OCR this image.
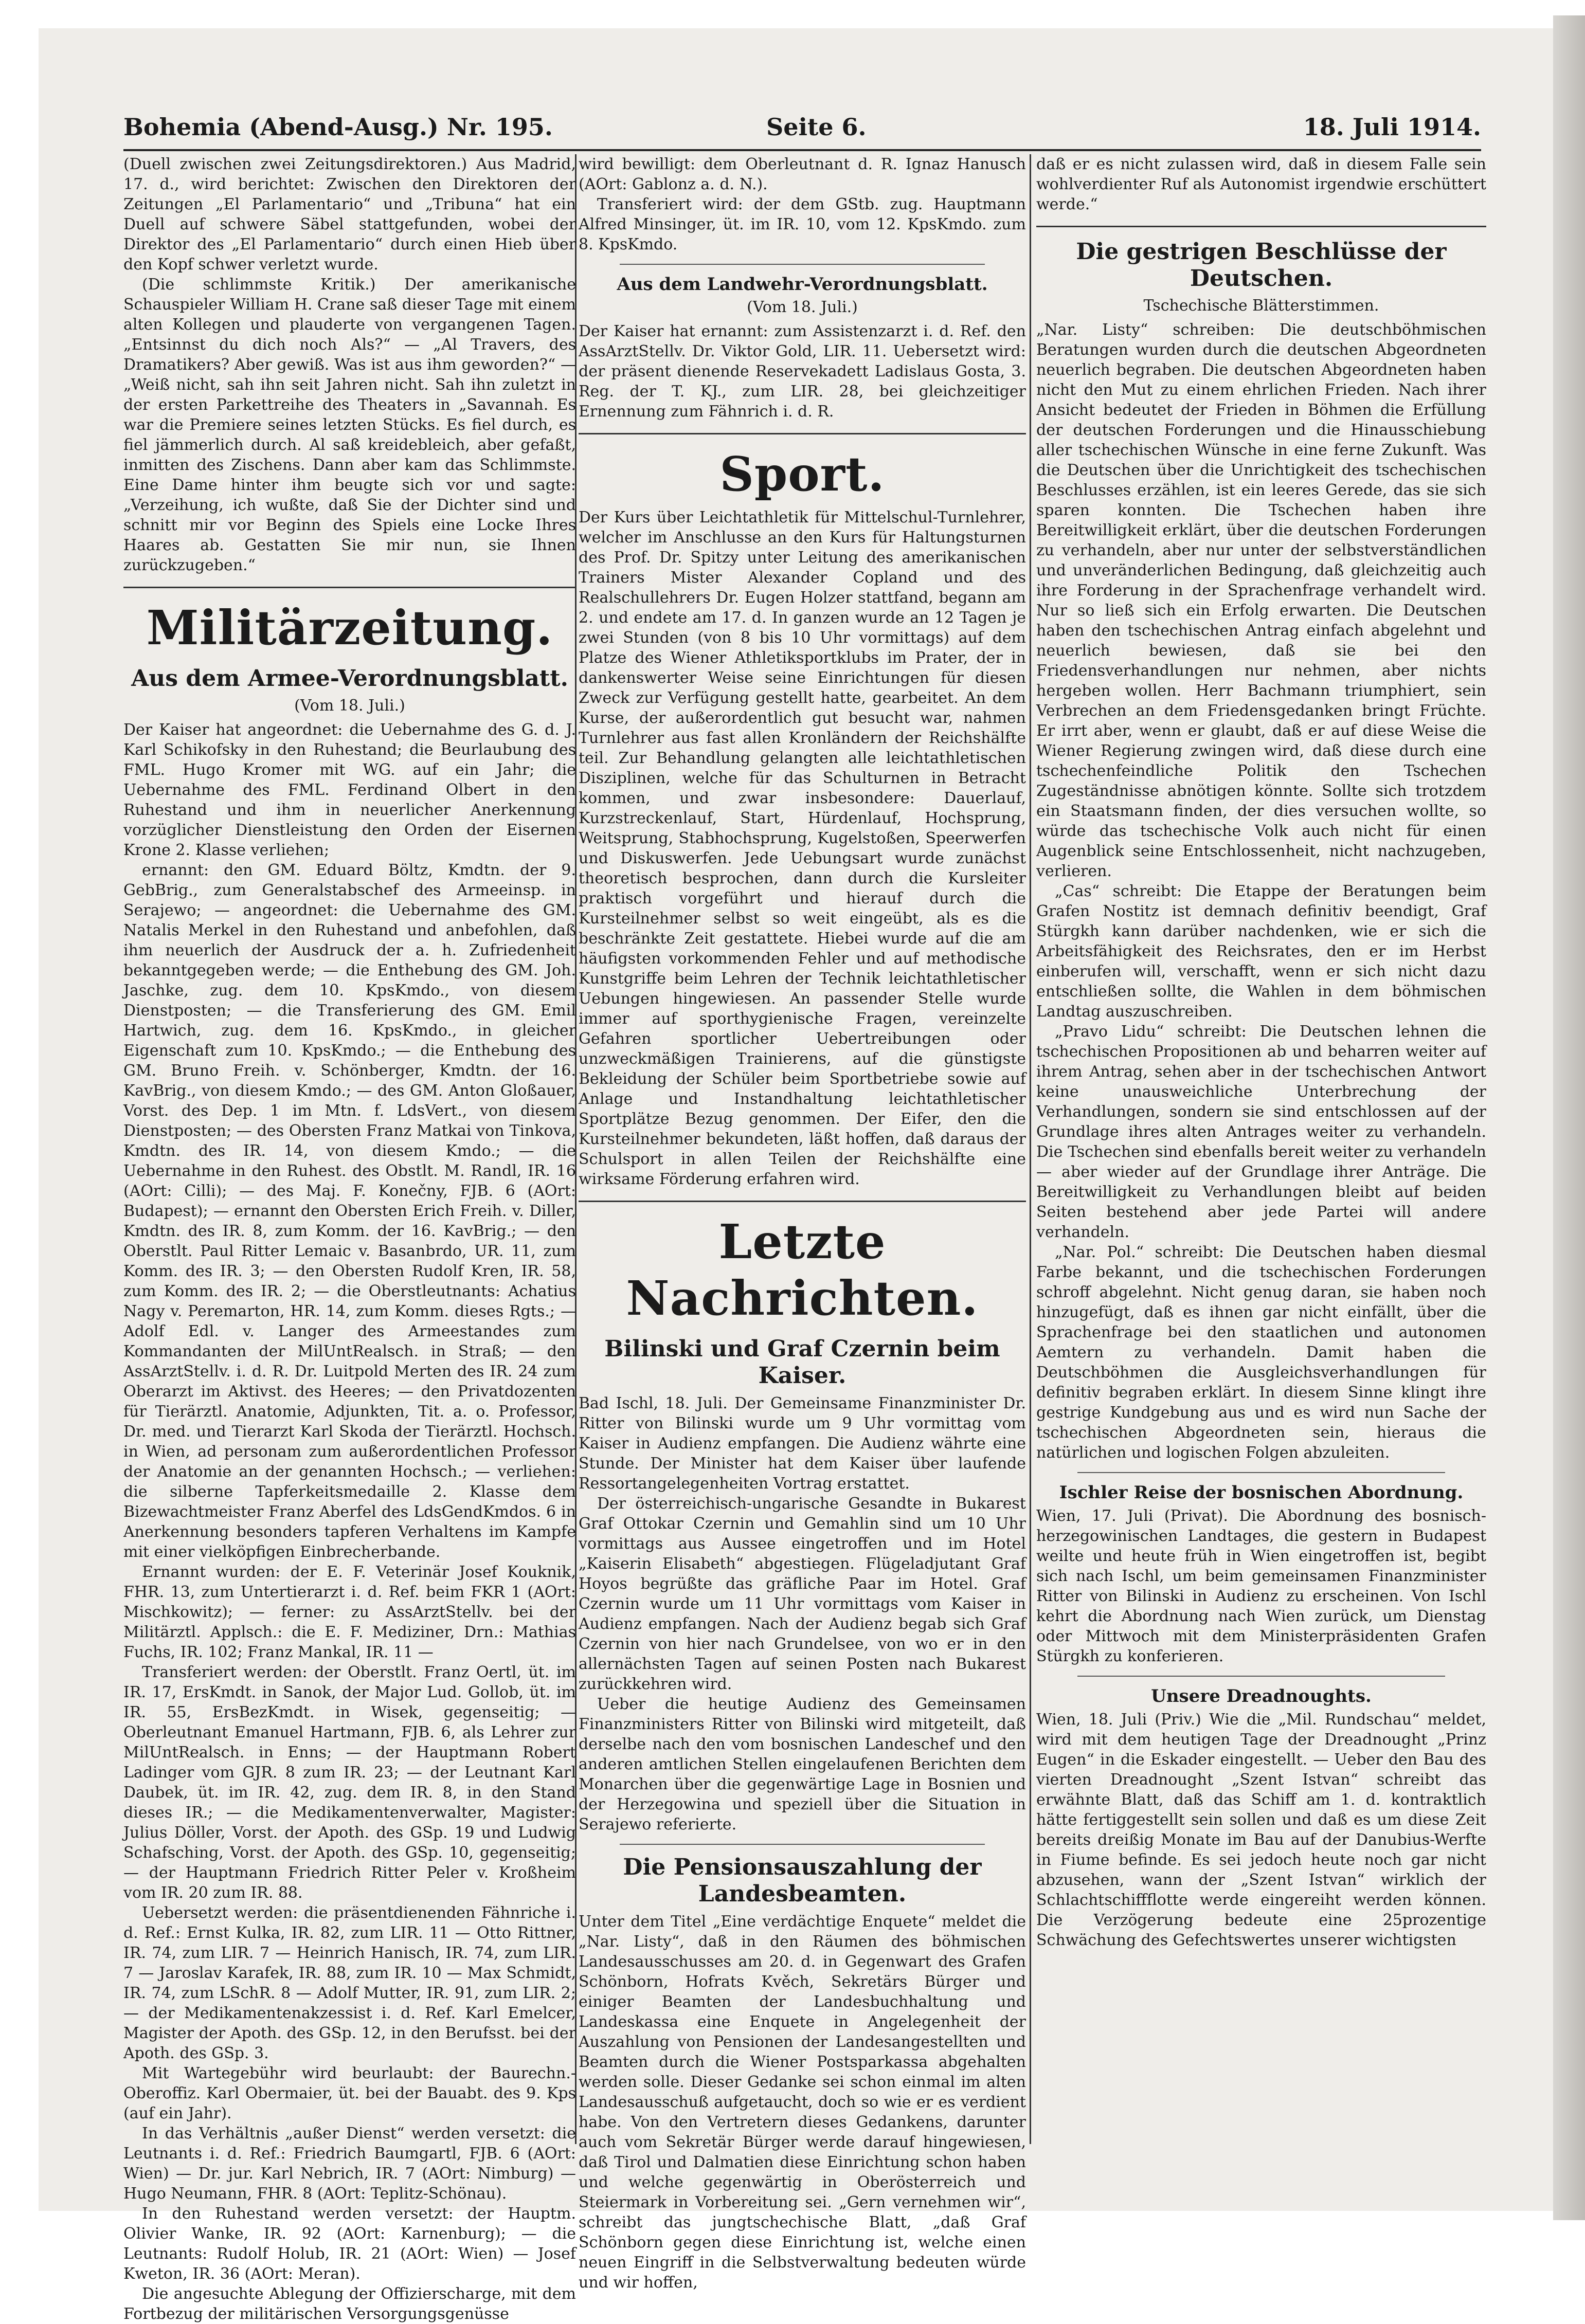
Bohemia (Abend-Ausg.) Nr. 195.	Seite 6.	18. Juli 1914.

(Duell zwischen zwei Zeitungsdirektoren.) Aus Madrid, 17. d., wird berichtet: Zwischen den Direktoren der Zeitungen „El Parlamentario“ und „Tribuna“ hat ein Duell auf schwere Säbel stattgefunden, wobei der Direktor des „El Parlamentario“ durch einen Hieb über den Kopf schwer verletzt wurde.

(Die schlimmste Kritik.) Der amerikanische Schauspieler William H. Crane saß dieser Tage mit einem alten Kollegen und plauderte von vergangenen Tagen. „Entsinnst du dich noch Als?“ — „Al Travers, des Dramatikers? Aber gewiß. Was ist aus ihm geworden?“ — „Weiß nicht, sah ihn seit Jahren nicht. Sah ihn zuletzt in der ersten Parkettreihe des Theaters in „Savannah. Es war die Premiere seines letzten Stücks. Es fiel durch, es fiel jämmerlich durch. Al saß kreidebleich, aber gefaßt, inmitten des Zischens. Dann aber kam das Schlimmste. Eine Dame hinter ihm beugte sich vor und sagte: „Verzeihung, ich wußte, daß Sie der Dichter sind und schnitt mir vor Beginn des Spiels eine Locke Ihres Haares ab. Gestatten Sie mir nun, sie Ihnen zurückzugeben.“

Militärzeitung.
Aus dem Armee-Verordnungsblatt.
(Vom 18. Juli.)

Der Kaiser hat angeordnet: die Uebernahme des G. d. J. Karl Schikofsky in den Ruhestand; die Beurlaubung des FML. Hugo Kromer mit WG. auf ein Jahr; die Uebernahme des FML. Ferdinand Olbert in den Ruhestand und ihm in neuerlicher Anerkennung vorzüglicher Dienstleistung den Orden der Eisernen Krone 2. Klasse verliehen;

ernannt: den GM. Eduard Böltz, Kmdtn. der 9. GebBrig., zum Generalstabschef des Armeeinsp. in Serajewo; — angeordnet: die Uebernahme des GM. Natalis Merkel in den Ruhestand und anbefohlen, daß ihm neuerlich der Ausdruck der a. h. Zufriedenheit bekanntgegeben werde; — die Enthebung des GM. Joh. Jaschke, zug. dem 10. KpsKmdo., von diesem Dienstposten; — die Transferierung des GM. Emil Hartwich, zug. dem 16. KpsKmdo., in gleicher Eigenschaft zum 10. KpsKmdo.; — die Enthebung des GM. Bruno Freih. v. Schönberger, Kmdtn. der 16. KavBrig., von diesem Kmdo.; — des GM. Anton Gloßauer, Vorst. des Dep. 1 im Mtn. f. LdsVert., von diesem Dienstposten; — des Obersten Franz Matkai von Tinkova, Kmdtn. des IR. 14, von diesem Kmdo.; — die Uebernahme in den Ruhest. des Obstlt. M. Randl, IR. 16 (AOrt: Cilli); — des Maj. F. Konečny, FJB. 6 (AOrt: Budapest); — ernannt den Obersten Erich Freih. v. Diller, Kmdtn. des IR. 8, zum Komm. der 16. KavBrig.; — den Oberstlt. Paul Ritter Lemaic v. Basanbrdo, UR. 11, zum Komm. des IR. 3; — den Obersten Rudolf Kren, IR. 58, zum Komm. des IR. 2; — die Oberstleutnants: Achatius Nagy v. Peremarton, HR. 14, zum Komm. dieses Rgts.; — Adolf Edl. v. Langer des Armeestandes zum Kommandanten der MilUntRealsch. in Straß; — den AssArztStellv. i. d. R. Dr. Luitpold Merten des IR. 24 zum Oberarzt im Aktivst. des Heeres; — den Privatdozenten für Tierärztl. Anatomie, Adjunkten, Tit. a. o. Professor, Dr. med. und Tierarzt Karl Skoda der Tierärztl. Hochsch. in Wien, ad personam zum außerordentlichen Professor der Anatomie an der genannten Hochsch.; — verliehen: die silberne Tapferkeitsmedaille 2. Klasse dem Bizewachtmeister Franz Aberfel des LdsGendKmdos. 6 in Anerkennung besonders tapferen Verhaltens im Kampfe mit einer vielköpfigen Einbrecherbande.

Ernannt wurden: der E. F. Veterinär Josef Kouknik, FHR. 13, zum Untertierarzt i. d. Ref. beim FKR 1 (AOrt: Mischkowitz); — ferner: zu AssArztStellv. bei der Militärztl. Applsch.: die E. F. Mediziner, Drn.: Mathias Fuchs, IR. 102; Franz Mankal, IR. 11 —

Transferiert werden: der Oberstlt. Franz Oertl, üt. im IR. 17, ErsKmdt. in Sanok, der Major Lud. Gollob, üt. im IR. 55, ErsBezKmdt. in Wisek, gegenseitig; — Oberleutnant Emanuel Hartmann, FJB. 6, als Lehrer zur MilUntRealsch. in Enns; — der Hauptmann Robert Ladinger vom GJR. 8 zum IR. 23; — der Leutnant Karl Daubek, üt. im IR. 42, zug. dem IR. 8, in den Stand dieses IR.; — die Medikamentenverwalter, Magister: Julius Döller, Vorst. der Apoth. des GSp. 19 und Ludwig Schafsching, Vorst. der Apoth. des GSp. 10, gegenseitig; — der Hauptmann Friedrich Ritter Peler v. Kroßheim vom IR. 20 zum IR. 88.

Uebersetzt werden: die präsentdienenden Fähnriche i. d. Ref.: Ernst Kulka, IR. 82, zum LIR. 11 — Otto Rittner, IR. 74, zum LIR. 7 — Heinrich Hanisch, IR. 74, zum LIR. 7 — Jaroslav Karafek, IR. 88, zum IR. 10 — Max Schmidt, IR. 74, zum LSchR. 8 — Adolf Mutter, IR. 91, zum LIR. 2; — der Medikamentenakzessist i. d. Ref. Karl Emelcer, Magister der Apoth. des GSp. 12, in den Berufsst. bei der Apoth. des GSp. 3.

Mit Wartegebühr wird beurlaubt: der Baurechn.-Oberoffiz. Karl Obermaier, üt. bei der Bauabt. des 9. Kps (auf ein Jahr).

In das Verhältnis „außer Dienst“ werden versetzt: die Leutnants i. d. Ref.: Friedrich Baumgartl, FJB. 6 (AOrt: Wien) — Dr. jur. Karl Nebrich, IR. 7 (AOrt: Nimburg) — Hugo Neumann, FHR. 8 (AOrt: Teplitz-Schönau).

In den Ruhestand werden versetzt: der Hauptm. Olivier Wanke, IR. 92 (AOrt: Karnenburg); — die Leutnants: Rudolf Holub, IR. 21 (AOrt: Wien) — Josef Kweton, IR. 36 (AOrt: Meran).

Die angesuchte Ablegung der Offizierscharge, mit dem Fortbezug der militärischen Versorgungsgenüsse

wird bewilligt: dem Oberleutnant d. R. Ignaz Hanusch (AOrt: Gablonz a. d. N.).

Transferiert wird: der dem GStb. zug. Hauptmann Alfred Minsinger, üt. im IR. 10, vom 12. KpsKmdo. zum 8. KpsKmdo.

Aus dem Landwehr-Verordnungsblatt.
(Vom 18. Juli.)

Der Kaiser hat ernannt: zum Assistenzarzt i. d. Ref. den AssArztStellv. Dr. Viktor Gold, LIR. 11. Uebersetzt wird: der präsent dienende Reservekadett Ladislaus Gosta, 3. Reg. der T. KJ., zum LIR. 28, bei gleichzeitiger Ernennung zum Fähnrich i. d. R.

Sport.

Der Kurs über Leichtathletik für Mittelschul-Turnlehrer, welcher im Anschlusse an den Kurs für Haltungsturnen des Prof. Dr. Spitzy unter Leitung des amerikanischen Trainers Mister Alexander Copland und des Realschullehrers Dr. Eugen Holzer stattfand, begann am 2. und endete am 17. d. In ganzen wurde an 12 Tagen je zwei Stunden (von 8 bis 10 Uhr vormittags) auf dem Platze des Wiener Athletiksportklubs im Prater, der in dankenswerter Weise seine Einrichtungen für diesen Zweck zur Verfügung gestellt hatte, gearbeitet. An dem Kurse, der außerordentlich gut besucht war, nahmen Turnlehrer aus fast allen Kronländern der Reichshälfte teil. Zur Behandlung gelangten alle leichtathletischen Disziplinen, welche für das Schulturnen in Betracht kommen, und zwar insbesondere: Dauerlauf, Kurzstreckenlauf, Start, Hürdenlauf, Hochsprung, Weitsprung, Stabhochsprung, Kugelstoßen, Speerwerfen und Diskuswerfen. Jede Uebungsart wurde zunächst theoretisch besprochen, dann durch die Kursleiter praktisch vorgeführt und hierauf durch die Kursteilnehmer selbst so weit eingeübt, als es die beschränkte Zeit gestattete. Hiebei wurde auf die am häufigsten vorkommenden Fehler und auf methodische Kunstgriffe beim Lehren der Technik leichtathletischer Uebungen hingewiesen. An passender Stelle wurde immer auf sporthygienische Fragen, vereinzelte Gefahren sportlicher Uebertreibungen oder unzweckmäßigen Trainierens, auf die günstigste Bekleidung der Schüler beim Sportbetriebe sowie auf Anlage und Instandhaltung leichtathletischer Sportplätze Bezug genommen. Der Eifer, den die Kursteilnehmer bekundeten, läßt hoffen, daß daraus der Schulsport in allen Teilen der Reichshälfte eine wirksame Förderung erfahren wird.

Letzte Nachrichten.
Bilinski und Graf Czernin beim Kaiser.

Bad Ischl, 18. Juli. Der Gemeinsame Finanzminister Dr. Ritter von Bilinski wurde um 9 Uhr vormittag vom Kaiser in Audienz empfangen. Die Audienz währte eine Stunde. Der Minister hat dem Kaiser über laufende Ressortangelegenheiten Vortrag erstattet.

Der österreichisch-ungarische Gesandte in Bukarest Graf Ottokar Czernin und Gemahlin sind um 10 Uhr vormittags aus Aussee eingetroffen und im Hotel „Kaiserin Elisabeth“ abgestiegen. Flügeladjutant Graf Hoyos begrüßte das gräfliche Paar im Hotel. Graf Czernin wurde um 11 Uhr vormittags vom Kaiser in Audienz empfangen. Nach der Audienz begab sich Graf Czernin von hier nach Grundelsee, von wo er in den allernächsten Tagen auf seinen Posten nach Bukarest zurückkehren wird.

Ueber die heutige Audienz des Gemeinsamen Finanzministers Ritter von Bilinski wird mitgeteilt, daß derselbe nach den vom bosnischen Landeschef und den anderen amtlichen Stellen eingelaufenen Berichten dem Monarchen über die gegenwärtige Lage in Bosnien und der Herzegowina und speziell über die Situation in Serajewo referierte.

Die Pensionsauszahlung der Landesbeamten.

Unter dem Titel „Eine verdächtige Enquete“ meldet die „Nar. Listy“, daß in den Räumen des böhmischen Landesausschusses am 20. d. in Gegenwart des Grafen Schönborn, Hofrats Kvěch, Sekretärs Bürger und einiger Beamten der Landesbuchhaltung und Landeskassa eine Enquete in Angelegenheit der Auszahlung von Pensionen der Landesangestellten und Beamten durch die Wiener Postsparkassa abgehalten werden solle. Dieser Gedanke sei schon einmal im alten Landesausschuß aufgetaucht, doch so wie er es verdient habe. Von den Vertretern dieses Gedankens, darunter auch vom Sekretär Bürger werde darauf hingewiesen, daß Tirol und Dalmatien diese Einrichtung schon haben und welche gegenwärtig in Oberösterreich und Steiermark in Vorbereitung sei. „Gern vernehmen wir“, schreibt das jungtschechische Blatt, „daß Graf Schönborn gegen diese Einrichtung ist, welche einen neuen Eingriff in die Selbstverwaltung bedeuten würde und wir hoffen,

daß er es nicht zulassen wird, daß in diesem Falle sein wohlverdienter Ruf als Autonomist irgendwie erschüttert werde.“

Die gestrigen Beschlüsse der Deutschen.
Tschechische Blätterstimmen.

„Nar. Listy“ schreiben: Die deutschböhmischen Beratungen wurden durch die deutschen Abgeordneten neuerlich begraben. Die deutschen Abgeordneten haben nicht den Mut zu einem ehrlichen Frieden. Nach ihrer Ansicht bedeutet der Frieden in Böhmen die Erfüllung der deutschen Forderungen und die Hinausschiebung aller tschechischen Wünsche in eine ferne Zukunft. Was die Deutschen über die Unrichtigkeit des tschechischen Beschlusses erzählen, ist ein leeres Gerede, das sie sich sparen konnten. Die Tschechen haben ihre Bereitwilligkeit erklärt, über die deutschen Forderungen zu verhandeln, aber nur unter der selbstverständlichen und unveränderlichen Bedingung, daß gleichzeitig auch ihre Forderung in der Sprachenfrage verhandelt wird. Nur so ließ sich ein Erfolg erwarten. Die Deutschen haben den tschechischen Antrag einfach abgelehnt und neuerlich bewiesen, daß sie bei den Friedensverhandlungen nur nehmen, aber nichts hergeben wollen. Herr Bachmann triumphiert, sein Verbrechen an dem Friedensgedanken bringt Früchte. Er irrt aber, wenn er glaubt, daß er auf diese Weise die Wiener Regierung zwingen wird, daß diese durch eine tschechenfeindliche Politik den Tschechen Zugeständnisse abnötigen könnte. Sollte sich trotzdem ein Staatsmann finden, der dies versuchen wollte, so würde das tschechische Volk auch nicht für einen Augenblick seine Entschlossenheit, nicht nachzugeben, verlieren.

„Cas“ schreibt: Die Etappe der Beratungen beim Grafen Nostitz ist demnach definitiv beendigt, Graf Stürgkh kann darüber nachdenken, wie er sich die Arbeitsfähigkeit des Reichsrates, den er im Herbst einberufen will, verschafft, wenn er sich nicht dazu entschließen sollte, die Wahlen in dem böhmischen Landtag auszuschreiben.

„Pravo Lidu“ schreibt: Die Deutschen lehnen die tschechischen Propositionen ab und beharren weiter auf ihrem Antrag, sehen aber in der tschechischen Antwort keine unausweichliche Unterbrechung der Verhandlungen, sondern sie sind entschlossen auf der Grundlage ihres alten Antrages weiter zu verhandeln. Die Tschechen sind ebenfalls bereit weiter zu verhandeln — aber wieder auf der Grundlage ihrer Anträge. Die Bereitwilligkeit zu Verhandlungen bleibt auf beiden Seiten bestehend aber jede Partei will andere verhandeln.

„Nar. Pol.“ schreibt: Die Deutschen haben diesmal Farbe bekannt, und die tschechischen Forderungen schroff abgelehnt. Nicht genug daran, sie haben noch hinzugefügt, daß es ihnen gar nicht einfällt, über die Sprachenfrage bei den staatlichen und autonomen Aemtern zu verhandeln. Damit haben die Deutschböhmen die Ausgleichsverhandlungen für definitiv begraben erklärt. In diesem Sinne klingt ihre gestrige Kundgebung aus und es wird nun Sache der tschechischen Abgeordneten sein, hieraus die natürlichen und logischen Folgen abzuleiten.

Ischler Reise der bosnischen Abordnung.

Wien, 17. Juli (Privat). Die Abordnung des bosnisch-herzegowinischen Landtages, die gestern in Budapest weilte und heute früh in Wien eingetroffen ist, begibt sich nach Ischl, um beim gemeinsamen Finanzminister Ritter von Bilinski in Audienz zu erscheinen. Von Ischl kehrt die Abordnung nach Wien zurück, um Dienstag oder Mittwoch mit dem Ministerpräsidenten Grafen Stürgkh zu konferieren.

Unsere Dreadnoughts.

Wien, 18. Juli (Priv.) Wie die „Mil. Rundschau“ meldet, wird mit dem heutigen Tage der Dreadnought „Prinz Eugen“ in die Eskader eingestellt. — Ueber den Bau des vierten Dreadnought „Szent Istvan“ schreibt das erwähnte Blatt, daß das Schiff am 1. d. kontraktlich hätte fertiggestellt sein sollen und daß es um diese Zeit bereits dreißig Monate im Bau auf der Danubius-Werfte in Fiume befinde. Es sei jedoch heute noch gar nicht abzusehen, wann der „Szent Istvan“ wirklich der Schlachtschiffflotte werde eingereiht werden können. Die Verzögerung bedeute eine 25prozentige Schwächung des Gefechtswertes unserer wichtigsten
